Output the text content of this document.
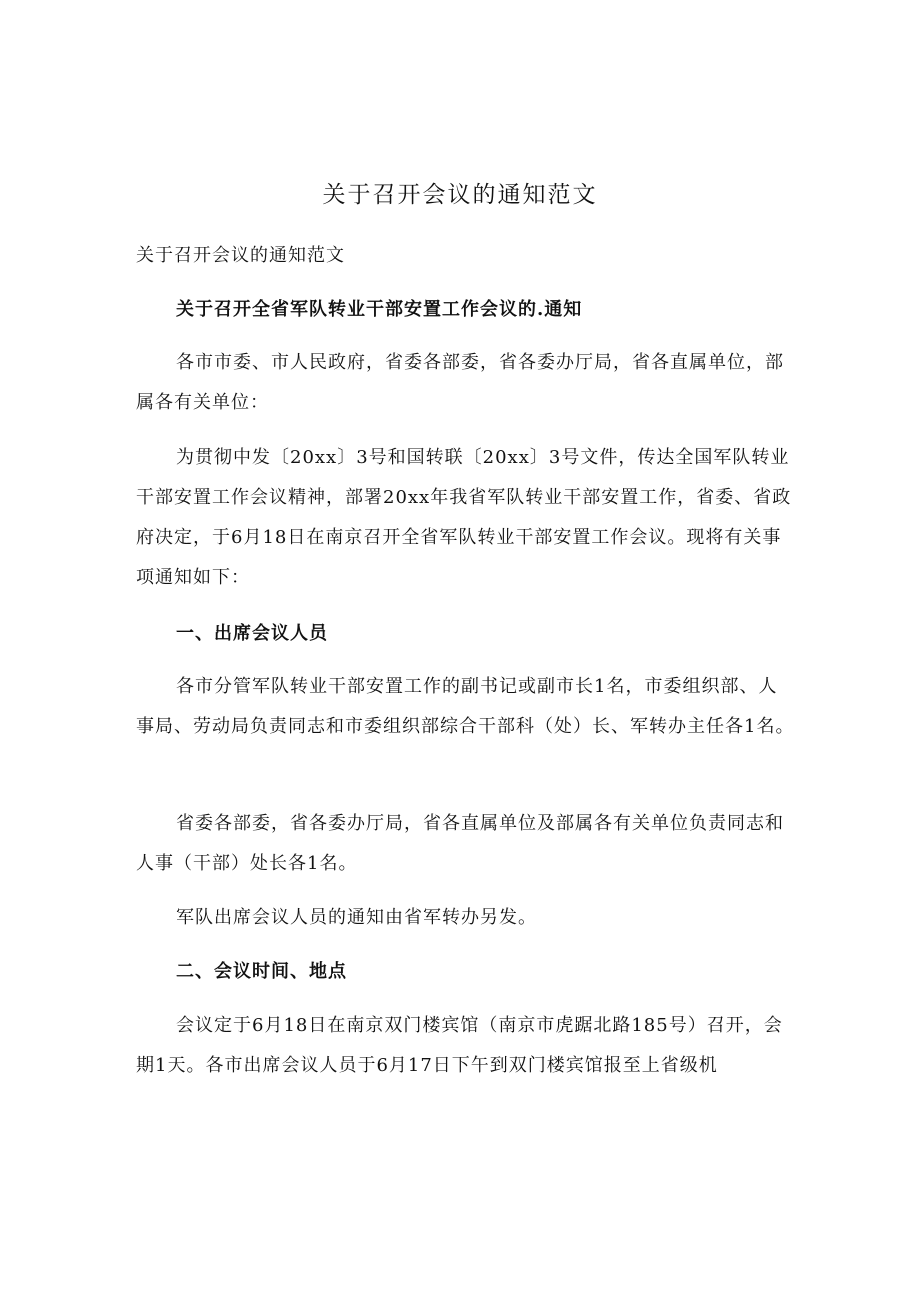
关于召开会议的通知范文

关于召开会议的通知范文

关于召开全省军队转业干部安置工作会议的.通知

各市市委、市人民政府，省委各部委，省各委办厅局，省各直属单位，部属各有关单位：

为贯彻中发〔20xx〕3号和国转联〔20xx〕3号文件，传达全国军队转业干部安置工作会议精神，部署20xx年我省军队转业干部安置工作，省委、省政府决定，于6月18日在南京召开全省军队转业干部安置工作会议。现将有关事项通知如下：

一、出席会议人员

各市分管军队转业干部安置工作的副书记或副市长1名，市委组织部、人事局、劳动局负责同志和市委组织部综合干部科（处）长、军转办主任各1名。

省委各部委，省各委办厅局，省各直属单位及部属各有关单位负责同志和人事（干部）处长各1名。

军队出席会议人员的通知由省军转办另发。

二、会议时间、地点

会议定于6月18日在南京双门楼宾馆（南京市虎踞北路185号）召开，会期1天。各市出席会议人员于6月17日下午到双门楼宾馆报至上省级机
